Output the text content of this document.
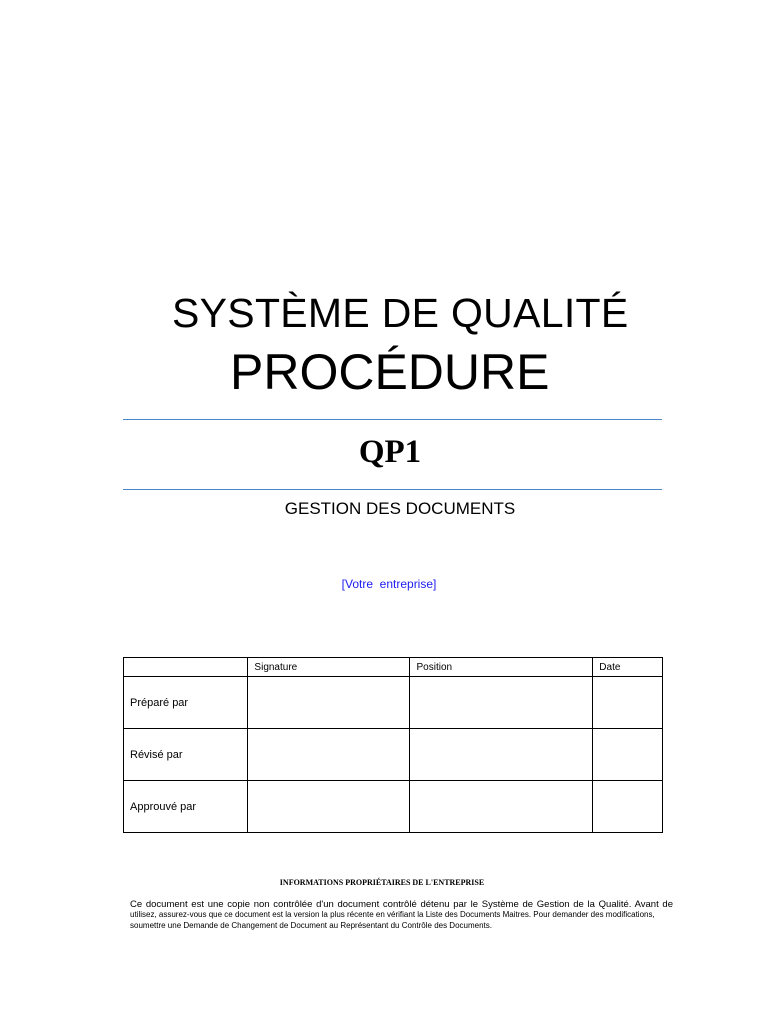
SYSTÈME DE QUALITÉ
PROCÉDURE
QP1
GESTION DES DOCUMENTS
[Votre  entreprise]
	Signature	Position	Date
Préparé par			
Révisé par			
Approuvé par			
INFORMATIONS PROPRIÉTAIRES DE L'ENTREPRISE
Ce document est une copie non contrôlée d'un document contrôlé détenu par le Système de Gestion de la Qualité. Avant de
utilisez, assurez-vous que ce document est la version la plus récente en vérifiant la Liste des Documents Maitres. Pour demander des modifications,
soumettre une Demande de Changement de Document au Représentant du Contrôle des Documents.
